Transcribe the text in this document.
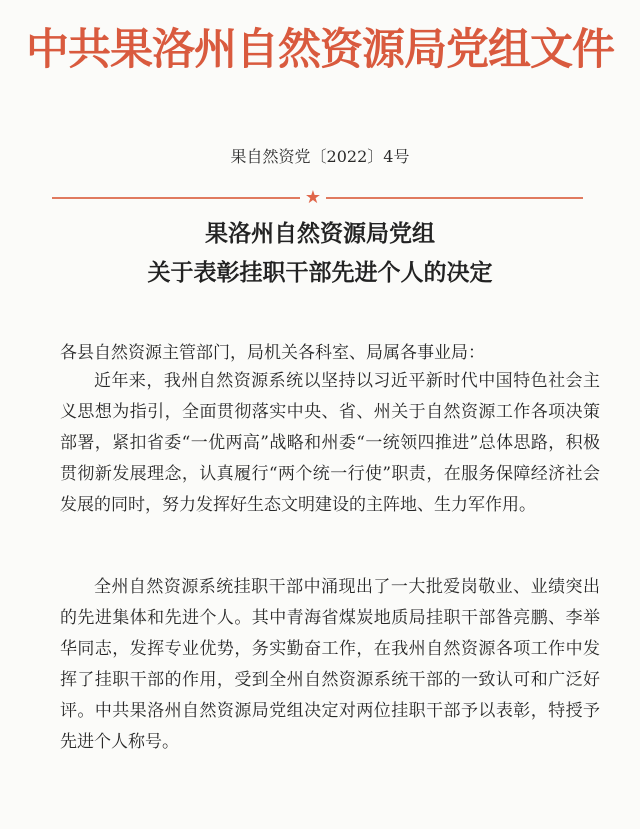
中共果洛州自然资源局党组文件
果自然资党〔2022〕4号
★
果洛州自然资源局党组
关于表彰挂职干部先进个人的决定
各县自然资源主管部门，局机关各科室、局属各事业局：

近年来，我州自然资源系统以坚持以习近平新时代中国特色社会主义思想为指引，全面贯彻落实中央、省、州关于自然资源工作各项决策部署，紧扣省委“一优两高”战略和州委“一统领四推进”总体思路，积极贯彻新发展理念，认真履行“两个统一行使”职责，在服务保障经济社会发展的同时，努力发挥好生态文明建设的主阵地、生力军作用。

全州自然资源系统挂职干部中涌现出了一大批爱岗敬业、业绩突出的先进集体和先进个人。其中青海省煤炭地质局挂职干部昝亮鹏、李举华同志，发挥专业优势，务实勤奋工作，在我州自然资源各项工作中发挥了挂职干部的作用，受到全州自然资源系统干部的一致认可和广泛好评。中共果洛州自然资源局党组决定对两位挂职干部予以表彰，特授予先进个人称号。
